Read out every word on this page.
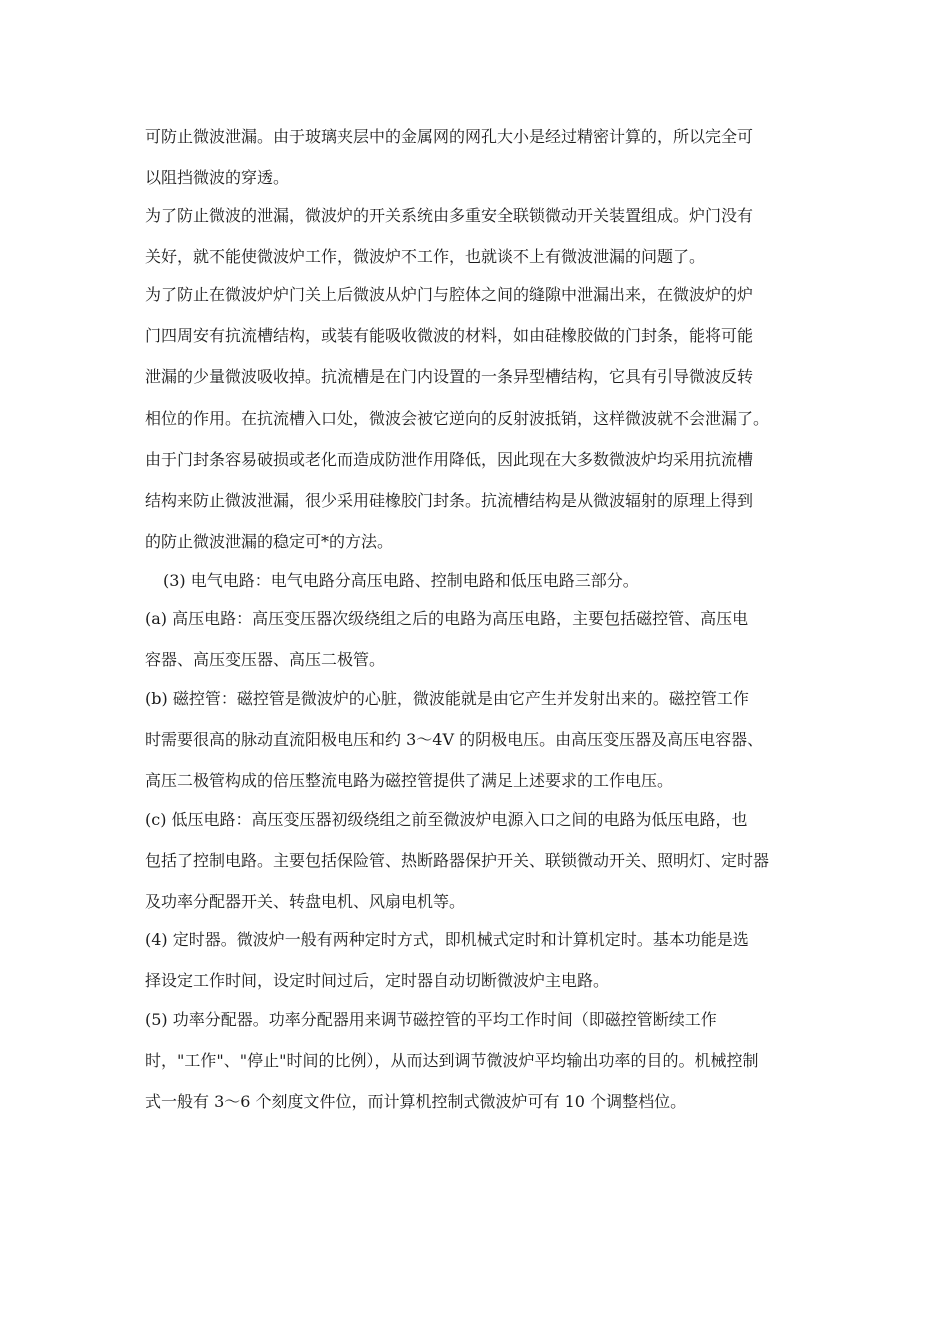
可防止微波泄漏。由于玻璃夹层中的金属网的网孔大小是经过精密计算的，所以完全可
以阻挡微波的穿透。
为了防止微波的泄漏，微波炉的开关系统由多重安全联锁微动开关装置组成。炉门没有
关好，就不能使微波炉工作，微波炉不工作，也就谈不上有微波泄漏的问题了。
为了防止在微波炉炉门关上后微波从炉门与腔体之间的缝隙中泄漏出来，在微波炉的炉
门四周安有抗流槽结构，或装有能吸收微波的材料，如由硅橡胶做的门封条，能将可能
泄漏的少量微波吸收掉。抗流槽是在门内设置的一条异型槽结构，它具有引导微波反转
相位的作用。在抗流槽入口处，微波会被它逆向的反射波抵销，这样微波就不会泄漏了。
由于门封条容易破损或老化而造成防泄作用降低，因此现在大多数微波炉均采用抗流槽
结构来防止微波泄漏，很少采用硅橡胶门封条。抗流槽结构是从微波辐射的原理上得到
的防止微波泄漏的稳定可*的方法。
(3) 电气电路：电气电路分高压电路、控制电路和低压电路三部分。
(a) 高压电路：高压变压器次级绕组之后的电路为高压电路，主要包括磁控管、高压电
容器、高压变压器、高压二极管。
(b) 磁控管：磁控管是微波炉的心脏，微波能就是由它产生并发射出来的。磁控管工作
时需要很高的脉动直流阳极电压和约 3～4V 的阴极电压。由高压变压器及高压电容器、
高压二极管构成的倍压整流电路为磁控管提供了满足上述要求的工作电压。
(c) 低压电路：高压变压器初级绕组之前至微波炉电源入口之间的电路为低压电路，也
包括了控制电路。主要包括保险管、热断路器保护开关、联锁微动开关、照明灯、定时器
及功率分配器开关、转盘电机、风扇电机等。
(4) 定时器。微波炉一般有两种定时方式，即机械式定时和计算机定时。基本功能是选
择设定工作时间，设定时间过后，定时器自动切断微波炉主电路。
(5) 功率分配器。功率分配器用来调节磁控管的平均工作时间（即磁控管断续工作
时，"工作"、"停止"时间的比例），从而达到调节微波炉平均输出功率的目的。机械控制
式一般有 3～6 个刻度文件位，而计算机控制式微波炉可有 10 个调整档位。
